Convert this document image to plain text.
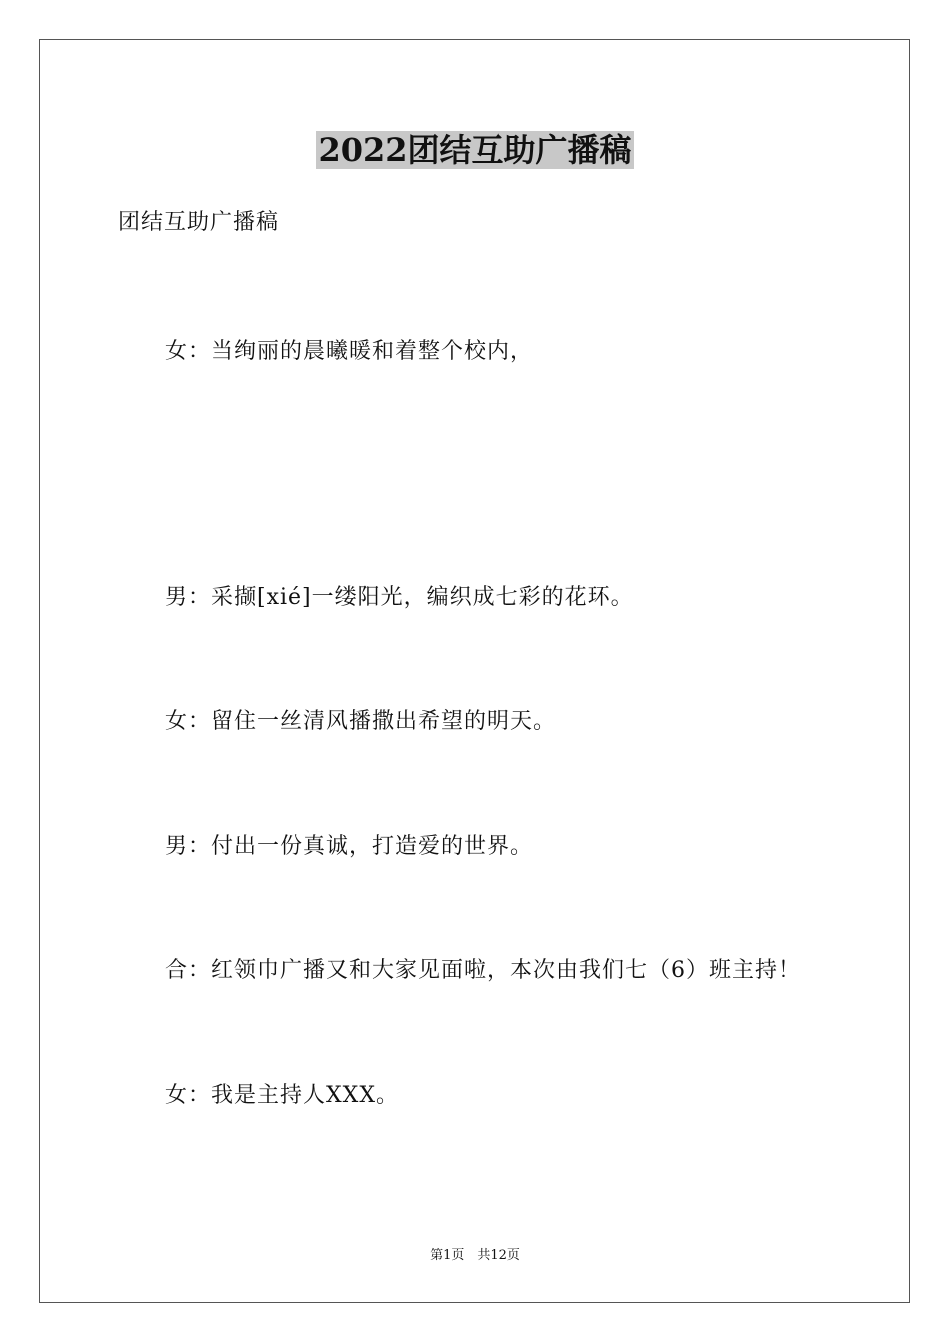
2022团结互助广播稿
团结互助广播稿
女：当绚丽的晨曦暖和着整个校内，
男：采撷[xié]一缕阳光，编织成七彩的花环。
女：留住一丝清风播撒出希望的明天。
男：付出一份真诚，打造爱的世界。
合：红领巾广播又和大家见面啦，本次由我们七（6）班主持！
女：我是主持人XXX。
第1页　共12页
